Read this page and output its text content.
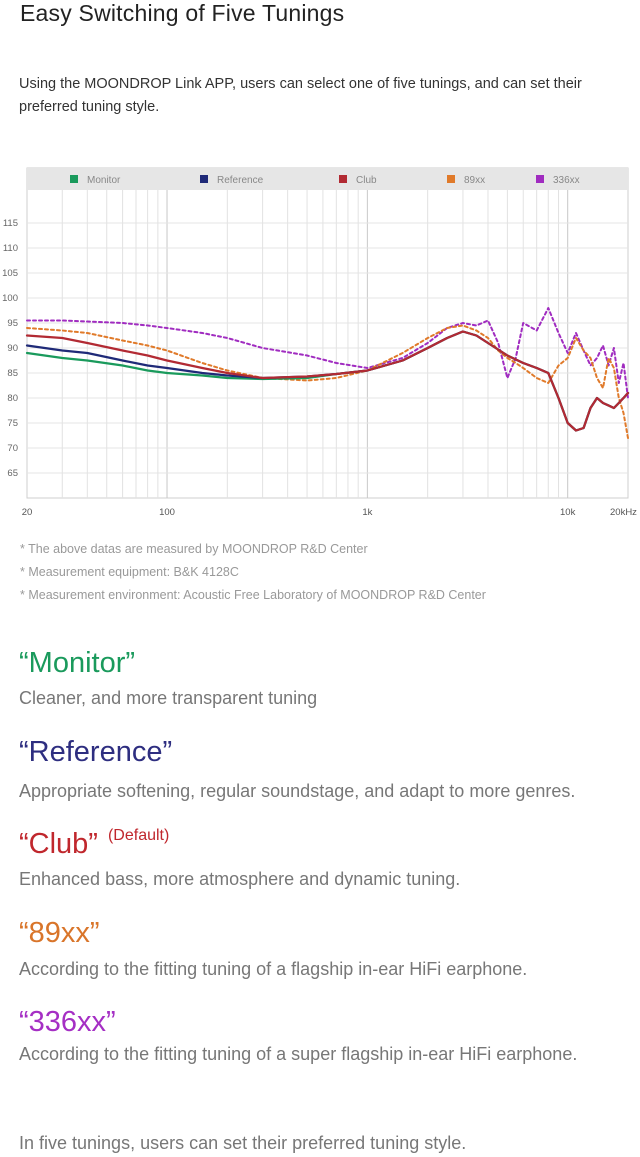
Easy Switching of Five Tunings

Using the MOONDROP Link APP, users can select one of five tunings, and can set their preferred tuning style.

65
70
75
80
85
90
95
100
105
110
115
20	100	1k	10k	20kHz
Monitor	Reference	Club	89xx	336xx
* The above datas are measured by MOONDROP R&D Center
* Measurement equipment: B&K 4128C
* Measurement environment: Acoustic Free Laboratory of MOONDROP R&D Center
“Monitor”

Cleaner, and more transparent tuning

“Reference”

Appropriate softening, regular soundstage, and adapt to more genres.

“Club” $^{(Default)}$

Enhanced bass, more atmosphere and dynamic tuning.

“89xx”

According to the fitting tuning of a flagship in-ear HiFi earphone.

“336xx”

According to the fitting tuning of a super flagship in-ear HiFi earphone.

In five tunings, users can set their preferred tuning style.
